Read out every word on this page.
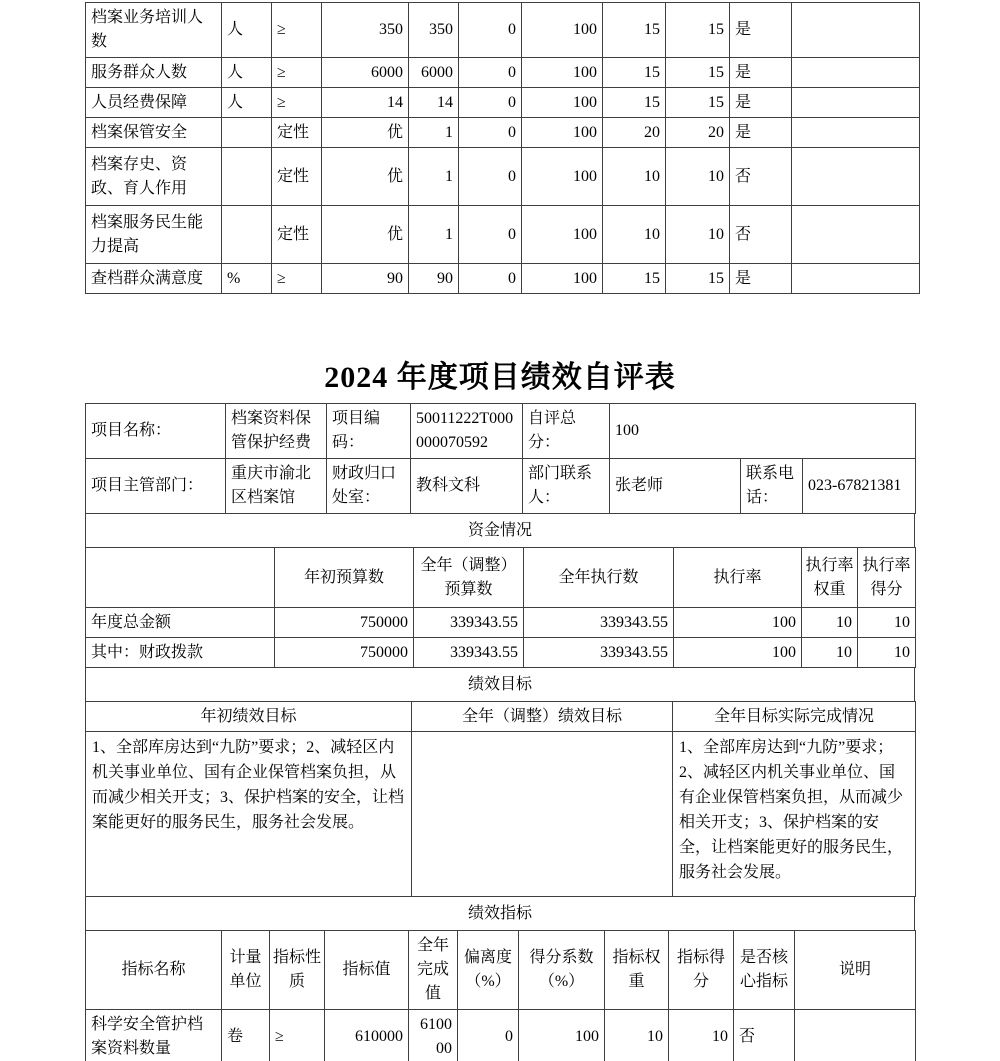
档案业务培训人数	人	≥	350	350	0	100	15	15	是	
服务群众人数	人	≥	6000	6000	0	100	15	15	是	
人员经费保障	人	≥	14	14	0	100	15	15	是	
档案保管安全		定性	优	1	0	100	20	20	是	
档案存史、资政、育人作用		定性	优	1	0	100	10	10	否	
档案服务民生能力提高		定性	优	1	0	100	10	10	否	
查档群众满意度	%	≥	90	90	0	100	15	15	是	
2024 年度项目绩效自评表
项目名称：	档案资料保管保护经费	项目编码：	50011222T000000070592	自评总分：	100
项目主管部门：	重庆市渝北区档案馆	财政归口处室：	教科文科	部门联系人：	张老师	联系电话：	023-67821381
资金情况
	年初预算数	全年（调整）预算数	全年执行数	执行率	执行率权重	执行率得分
年度总金额	750000	339343.55	339343.55	100	10	10
其中：财政拨款	750000	339343.55	339343.55	100	10	10
绩效目标
年初绩效目标	全年（调整）绩效目标	全年目标实际完成情况
1、全部库房达到“九防”要求；2、减轻区内机关事业单位、国有企业保管档案负担，从而减少相关开支；3、保护档案的安全，让档案能更好的服务民生，服务社会发展。		1、全部库房达到“九防”要求；2、减轻区内机关事业单位、国有企业保管档案负担，从而减少相关开支；3、保护档案的安全，让档案能更好的服务民生，服务社会发展。
绩效指标
指标名称	计量单位	指标性质	指标值	全年完成值	偏离度（%）	得分系数（%）	指标权重	指标得分	是否核心指标	说明
科学安全管护档案资料数量	卷	≥	610000	610000	0	100	10	10	否	
